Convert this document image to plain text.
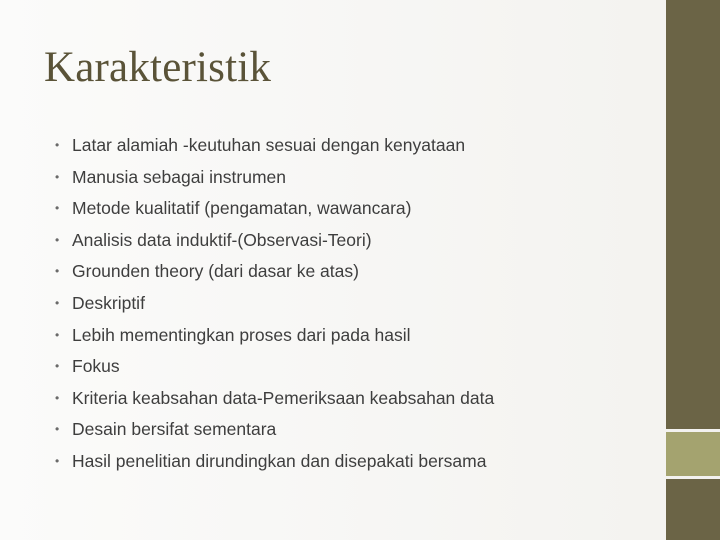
Karakteristik
• Latar alamiah -keutuhan sesuai dengan kenyataan
• Manusia sebagai instrumen
• Metode kualitatif (pengamatan, wawancara)
• Analisis data induktif-(Observasi-Teori)
• Grounden theory (dari dasar ke atas)
• Deskriptif
• Lebih mementingkan proses dari pada hasil
• Fokus
• Kriteria keabsahan data-Pemeriksaan keabsahan data
• Desain bersifat sementara
• Hasil penelitian dirundingkan dan disepakati bersama
